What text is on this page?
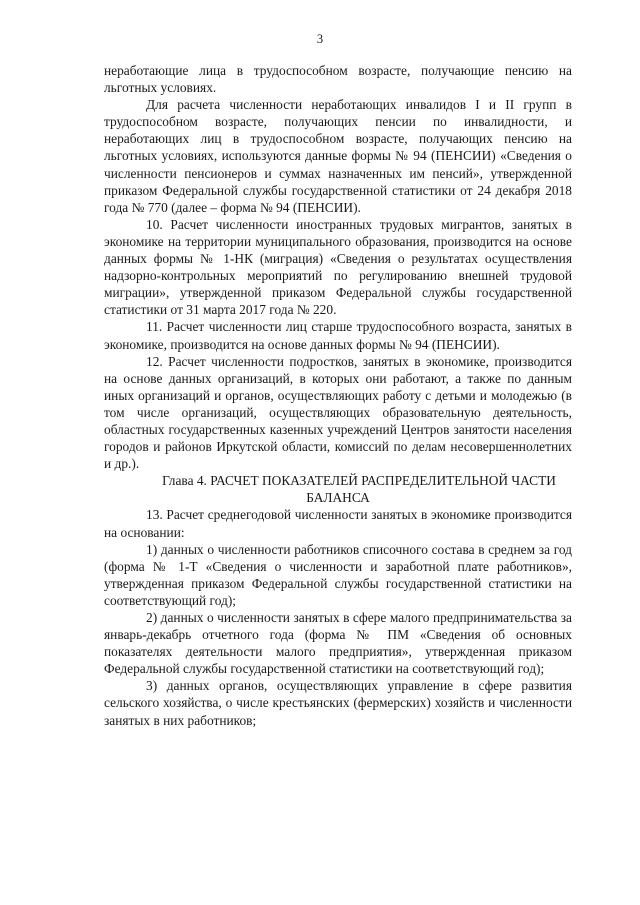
3

неработающие лица в трудоспособном возрасте, получающие пенсию на льготных условиях.

Для расчета численности неработающих инвалидов I и II групп в трудоспособном возрасте, получающих пенсии по инвалидности, и неработающих лиц в трудоспособном возрасте, получающих пенсию на льготных условиях, используются данные формы № 94 (ПЕНСИИ) «Сведения о численности пенсионеров и суммах назначенных им пенсий», утвержденной приказом Федеральной службы государственной статистики от 24 декабря 2018 года № 770 (далее – форма № 94 (ПЕНСИИ).

10. Расчет численности иностранных трудовых мигрантов, занятых в экономике на территории муниципального образования, производится на основе данных формы № 1-НК (миграция) «Сведения о результатах осуществления надзорно-контрольных мероприятий по регулированию внешней трудовой миграции», утвержденной приказом Федеральной службы государственной статистики от 31 марта 2017 года № 220.

11. Расчет численности лиц старше трудоспособного возраста, занятых в экономике, производится на основе данных формы № 94 (ПЕНСИИ).

12. Расчет численности подростков, занятых в экономике, производится на основе данных организаций, в которых они работают, а также по данным иных организаций и органов, осуществляющих работу с детьми и молодежью (в том числе организаций, осуществляющих образовательную деятельность, областных государственных казенных учреждений Центров занятости населения городов и районов Иркутской области, комиссий по делам несовершеннолетних и др.).

Глава 4. РАСЧЕТ ПОКАЗАТЕЛЕЙ РАСПРЕДЕЛИТЕЛЬНОЙ ЧАСТИ БАЛАНСА

13. Расчет среднегодовой численности занятых в экономике производится на основании:

1) данных о численности работников списочного состава в среднем за год (форма № 1-Т «Сведения о численности и заработной плате работников», утвержденная приказом Федеральной службы государственной статистики на соответствующий год);

2) данных о численности занятых в сфере малого предпринимательства за январь-декабрь отчетного года (форма № ПМ «Сведения об основных показателях деятельности малого предприятия», утвержденная приказом Федеральной службы государственной статистики на соответствующий год);

3) данных органов, осуществляющих управление в сфере развития сельского хозяйства, о числе крестьянских (фермерских) хозяйств и численности занятых в них работников;
